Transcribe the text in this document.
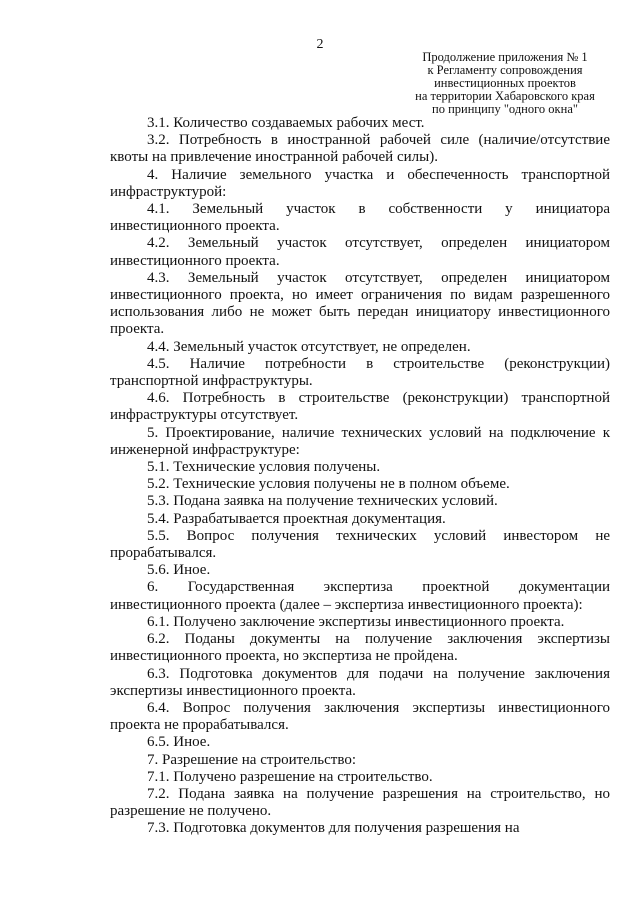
2
Продолжение приложения № 1
к Регламенту сопровождения
инвестиционных проектов
на территории Хабаровского края
по принципу "одного окна"

3.1. Количество создаваемых рабочих мест.

3.2. Потребность в иностранной рабочей силе (наличие/отсутствие квоты на привлечение иностранной рабочей силы).

4. Наличие земельного участка и обеспеченность транспортной инфраструктурой:

4.1. Земельный участок в собственности у инициатора инвестиционного проекта.

4.2. Земельный участок отсутствует, определен инициатором инвестиционного проекта.

4.3. Земельный участок отсутствует, определен инициатором инвестиционного проекта, но имеет ограничения по видам разрешенного использования либо не может быть передан инициатору инвестиционного проекта.

4.4. Земельный участок отсутствует, не определен.

4.5. Наличие потребности в строительстве (реконструкции) транспортной инфраструктуры.

4.6. Потребность в строительстве (реконструкции) транспортной инфраструктуры отсутствует.

5. Проектирование, наличие технических условий на подключение к инженерной инфраструктуре:

5.1. Технические условия получены.

5.2. Технические условия получены не в полном объеме.

5.3. Подана заявка на получение технических условий.

5.4. Разрабатывается проектная документация.

5.5. Вопрос получения технических условий инвестором не прорабатывался.

5.6. Иное.

6. Государственная экспертиза проектной документации инвестиционного проекта (далее – экспертиза инвестиционного проекта):

6.1. Получено заключение экспертизы инвестиционного проекта.

6.2. Поданы документы на получение заключения экспертизы инвестиционного проекта, но экспертиза не пройдена.

6.3. Подготовка документов для подачи на получение заключения экспертизы инвестиционного проекта.

6.4. Вопрос получения заключения экспертизы инвестиционного проекта не прорабатывался.

6.5. Иное.

7. Разрешение на строительство:

7.1. Получено разрешение на строительство.

7.2. Подана заявка на получение разрешения на строительство, но разрешение не получено.

7.3. Подготовка документов для получения разрешения на
